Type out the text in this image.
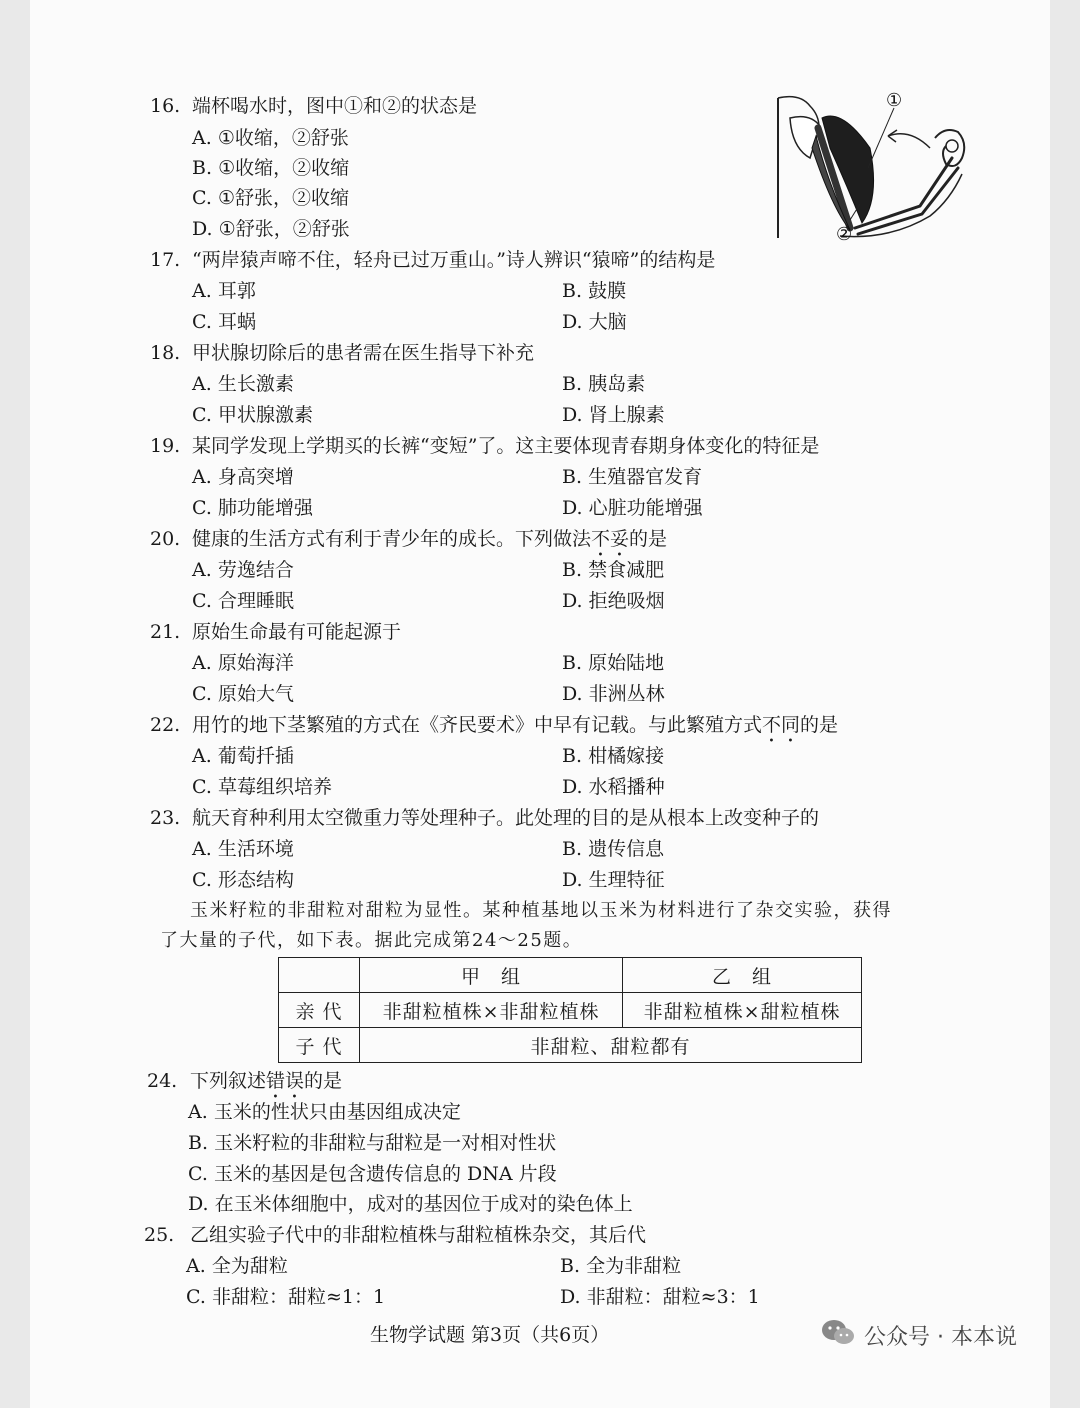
16. 端杯喝水时，图中①和②的状态是
A. ①收缩，②舒张
B. ①收缩，②收缩
C. ①舒张，②收缩
D. ①舒张，②舒张
①
②
17. “两岸猿声啼不住，轻舟已过万重山。”诗人辨识“猿啼”的结构是
A. 耳郭	B. 鼓膜
C. 耳蜗	D. 大脑
18. 甲状腺切除后的患者需在医生指导下补充
A. 生长激素	B. 胰岛素
C. 甲状腺激素	D. 肾上腺素
19. 某同学发现上学期买的长裤“变短”了。这主要体现青春期身体变化的特征是
A. 身高突增	B. 生殖器官发育
C. 肺功能增强	D. 心脏功能增强
20. 健康的生活方式有利于青少年的成长。下列做法不妥的是
A. 劳逸结合	B. 禁食减肥
C. 合理睡眠	D. 拒绝吸烟
21. 原始生命最有可能起源于
A. 原始海洋	B. 原始陆地
C. 原始大气	D. 非洲丛林
22. 用竹的地下茎繁殖的方式在《齐民要术》中早有记载。与此繁殖方式不同的是
A. 葡萄扦插	B. 柑橘嫁接
C. 草莓组织培养	D. 水稻播种
23. 航天育种利用太空微重力等处理种子。此处理的目的是从根本上改变种子的
A. 生活环境	B. 遗传信息
C. 形态结构	D. 生理特征
玉米籽粒的非甜粒对甜粒为显性。某种植基地以玉米为材料进行了杂交实验，获得
了大量的子代，如下表。据此完成第24～25题。
	甲　组	乙　组
亲 代	非甜粒植株×非甜粒植株	非甜粒植株×甜粒植株
子 代	非甜粒、甜粒都有	
24. 下列叙述错误的是
A. 玉米的性状只由基因组成决定
B. 玉米籽粒的非甜粒与甜粒是一对相对性状
C. 玉米的基因是包含遗传信息的 DNA 片段
D. 在玉米体细胞中，成对的基因位于成对的染色体上
25. 乙组实验子代中的非甜粒植株与甜粒植株杂交，其后代
A. 全为甜粒	B. 全为非甜粒
C. 非甜粒：甜粒≈1：1	D. 非甜粒：甜粒≈3：1
生物学试题 第3页（共6页）	公众号 · 本本说
